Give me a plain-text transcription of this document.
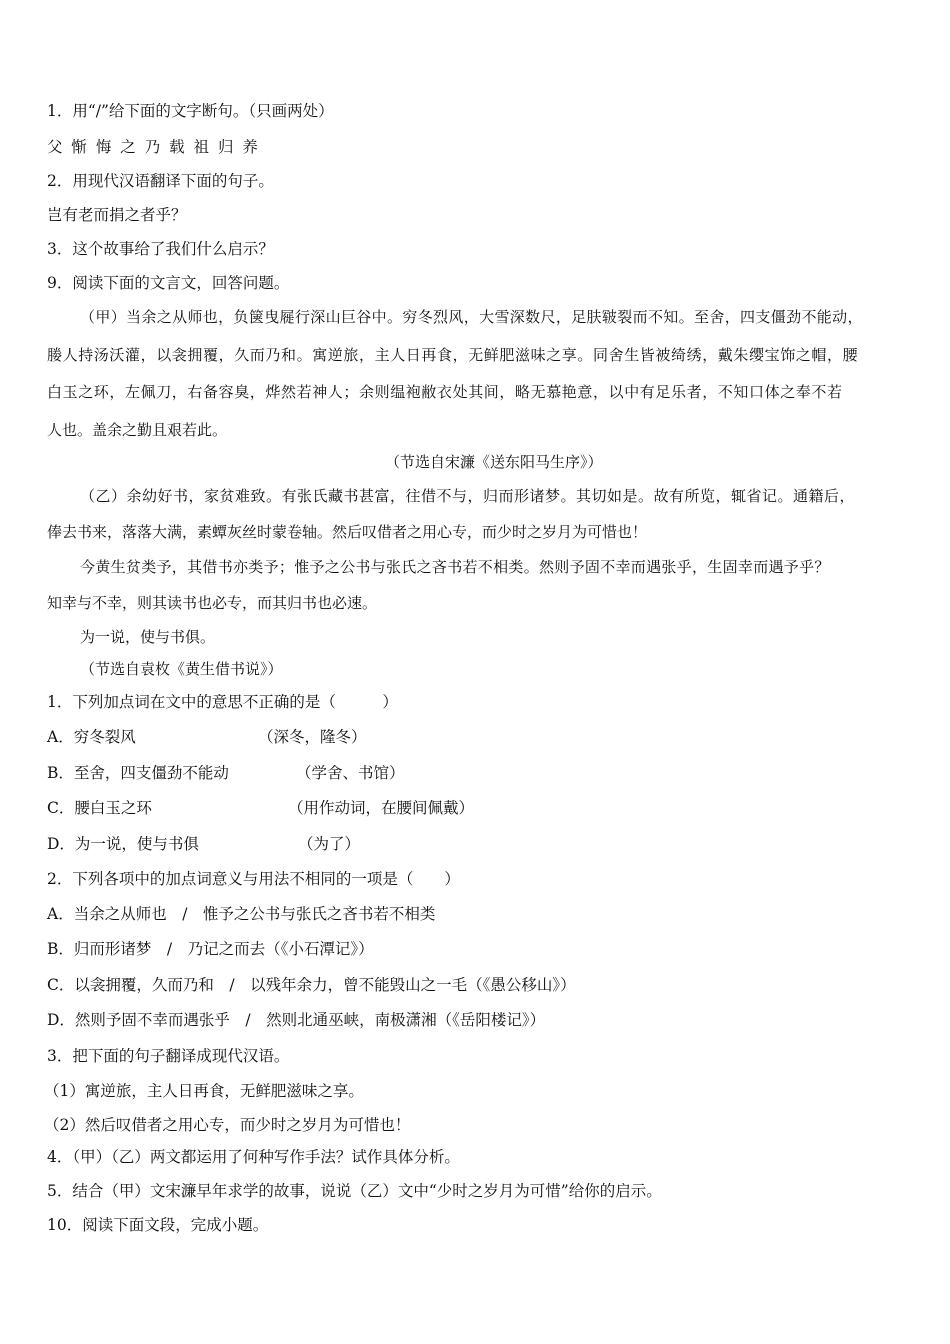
1．用“/”给下面的文字断句。（只画两处）

父 惭 悔 之 乃 载 祖 归 养

2．用现代汉语翻译下面的句子。

岂有老而捐之者乎？

3．这个故事给了我们什么启示？

9．阅读下面的文言文，回答问题。

（甲）当余之从师也，负箧曳屣行深山巨谷中。穷冬烈风，大雪深数尺，足肤皲裂而不知。至舍，四支僵劲不能动，

媵人持汤沃灌，以衾拥覆，久而乃和。寓逆旅，主人日再食，无鲜肥滋味之享。同舍生皆被绮绣，戴朱缨宝饰之帽，腰

白玉之环，左佩刀，右备容臭，烨然若神人；余则缊袍敝衣处其间，略无慕艳意，以中有足乐者，不知口体之奉不若

人也。盖余之勤且艰若此。

（节选自宋濂《送东阳马生序》）

（乙）余幼好书，家贫难致。有张氏藏书甚富，往借不与，归而形诸梦。其切如是。故有所览，辄省记。通籍后，

俸去书来，落落大满，素蟫灰丝时蒙卷轴。然后叹借者之用心专，而少时之岁月为可惜也！

今黄生贫类予，其借书亦类予；惟予之公书与张氏之吝书若不相类。然则予固不幸而遇张乎，生固幸而遇予乎？

知幸与不幸，则其读书也必专，而其归书也必速。

为一说，使与书俱。

（节选自袁枚《黄生借书说》）

1．下列加点词在文中的意思不正确的是（　　　）

A．穷冬裂风	（深冬，隆冬）

B．至舍，四支僵劲不能动	（学舍、书馆）

C．腰白玉之环	（用作动词，在腰间佩戴）

D．为一说，使与书俱	（为了）

2．下列各项中的加点词意义与用法不相同的一项是（　　）

A．当余之从师也　/　惟予之公书与张氏之吝书若不相类

B．归而形诸梦　/　乃记之而去（《小石潭记》）

C．以衾拥覆，久而乃和　/　以残年余力，曾不能毁山之一毛（《愚公移山》）

D．然则予固不幸而遇张乎　/　然则北通巫峡，南极潇湘（《岳阳楼记》）

3．把下面的句子翻译成现代汉语。

（1）寓逆旅，主人日再食，无鲜肥滋味之享。

（2）然后叹借者之用心专，而少时之岁月为可惜也！

4．（甲）（乙）两文都运用了何种写作手法？试作具体分析。

5．结合（甲）文宋濂早年求学的故事，说说（乙）文中“少时之岁月为可惜”给你的启示。

10．阅读下面文段，完成小题。
